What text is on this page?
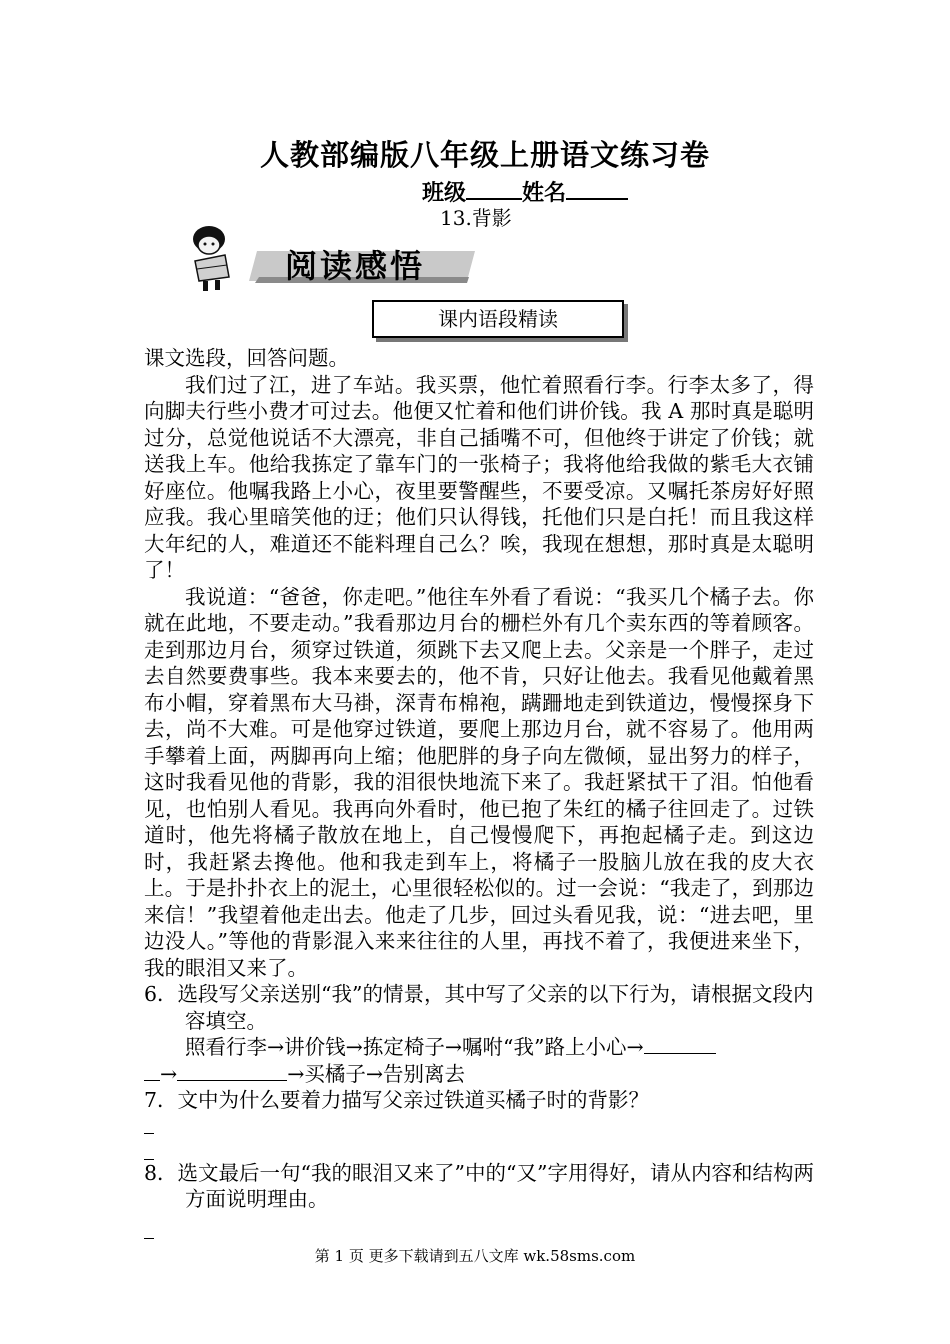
人教部编版八年级上册语文练习卷
班级	姓名
13.背影
阅读感悟
课内语段精读

课文选段，回答问题。

我们过了江，进了车站。我买票，他忙着照看行李。行李太多了，得向脚夫行些小费才可过去。他便又忙着和他们讲价钱。我 A 那时真是聪明过分，总觉他说话不大漂亮，非自己插嘴不可，但他终于讲定了价钱；就送我上车。他给我拣定了靠车门的一张椅子；我将他给我做的紫毛大衣铺好座位。他嘱我路上小心，夜里要警醒些，不要受凉。又嘱托茶房好好照应我。我心里暗笑他的迂；他们只认得钱，托他们只是白托！而且我这样大年纪的人，难道还不能料理自己么？唉，我现在想想，那时真是太聪明了！

我说道：“爸爸，你走吧。”他往车外看了看说：“我买几个橘子去。你就在此地，不要走动。”我看那边月台的栅栏外有几个卖东西的等着顾客。走到那边月台，须穿过铁道，须跳下去又爬上去。父亲是一个胖子，走过去自然要费事些。我本来要去的，他不肯，只好让他去。我看见他戴着黑布小帽，穿着黑布大马褂，深青布棉袍，蹒跚地走到铁道边，慢慢探身下去，尚不大难。可是他穿过铁道，要爬上那边月台，就不容易了。他用两手攀着上面，两脚再向上缩；他肥胖的身子向左微倾，显出努力的样子，这时我看见他的背影，我的泪很快地流下来了。我赶紧拭干了泪。怕他看见，也怕别人看见。我再向外看时，他已抱了朱红的橘子往回走了。过铁道时，他先将橘子散放在地上，自己慢慢爬下，再抱起橘子走。到这边时，我赶紧去搀他。他和我走到车上，将橘子一股脑儿放在我的皮大衣上。于是扑扑衣上的泥土，心里很轻松似的。过一会说：“我走了，到那边来信！”我望着他走出去。他走了几步，回过头看见我，说：“进去吧，里边没人。”等他的背影混入来来往往的人里，再找不着了，我便进来坐下，我的眼泪又来了。

6．选段写父亲送别“我”的情景，其中写了父亲的以下行为，请根据文段内容填空。

照看行李→讲价钱→拣定椅子→嘱咐“我”路上小心→

→	→买橘子→告别离去

7．文中为什么要着力描写父亲过铁道买橘子时的背影？

8．选文最后一句“我的眼泪又来了”中的“又”字用得好，请从内容和结构两方面说明理由。

第 1 页 更多下载请到五八文库 wk.58sms.com
